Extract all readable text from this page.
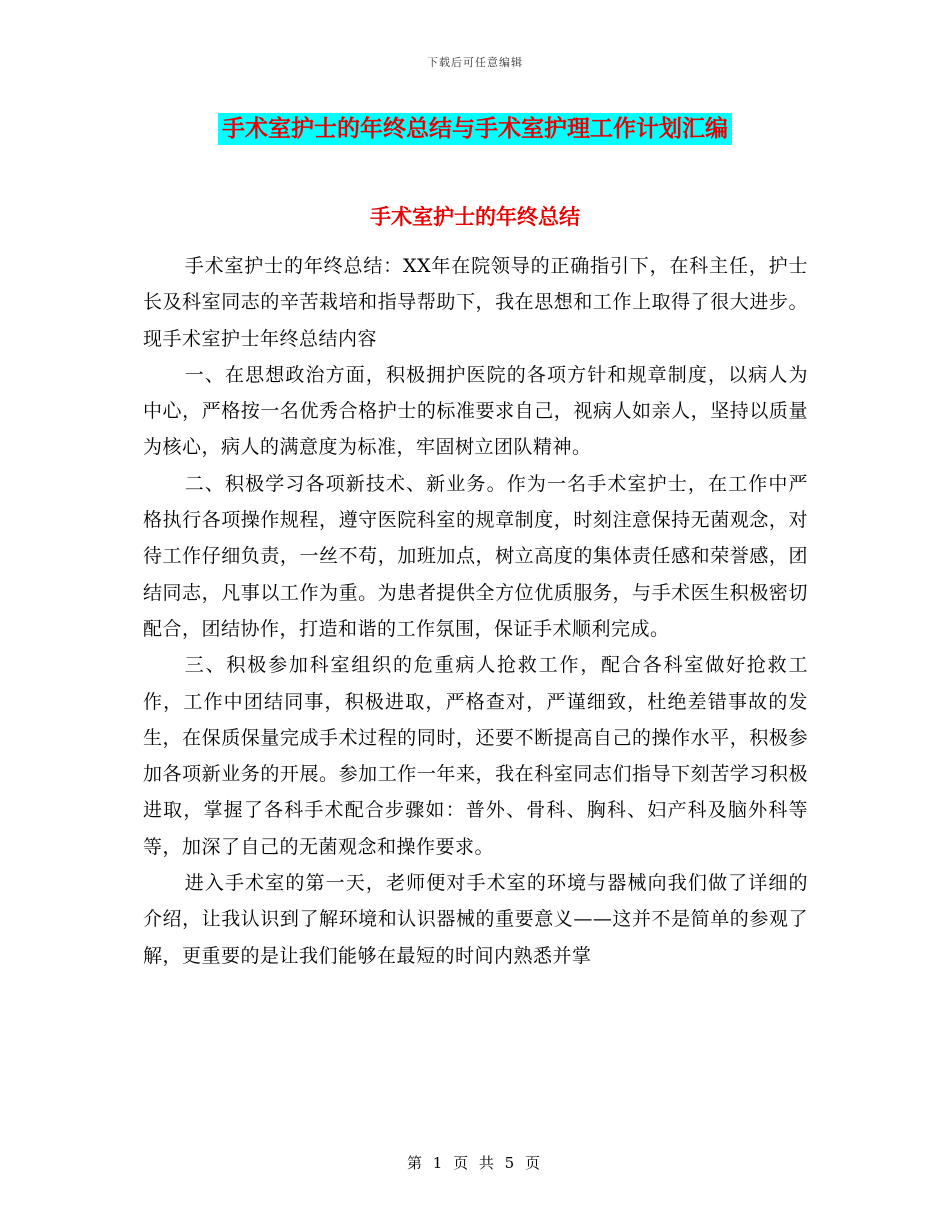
下载后可任意编辑
手术室护士的年终总结与手术室护理工作计划汇编
手术室护士的年终总结

手术室护士的年终总结：XX年在院领导的正确指引下，在科主任，护士长及科室同志的辛苦栽培和指导帮助下，我在思想和工作上取得了很大进步。现手术室护士年终总结内容

一、在思想政治方面，积极拥护医院的各项方针和规章制度，以病人为中心，严格按一名优秀合格护士的标准要求自己，视病人如亲人，坚持以质量为核心，病人的满意度为标准，牢固树立团队精神。

二、积极学习各项新技术、新业务。作为一名手术室护士，在工作中严格执行各项操作规程，遵守医院科室的规章制度，时刻注意保持无菌观念，对待工作仔细负责，一丝不苟，加班加点，树立高度的集体责任感和荣誉感，团结同志，凡事以工作为重。为患者提供全方位优质服务，与手术医生积极密切配合，团结协作，打造和谐的工作氛围，保证手术顺利完成。

三、积极参加科室组织的危重病人抢救工作，配合各科室做好抢救工作，工作中团结同事，积极进取，严格查对，严谨细致，杜绝差错事故的发生，在保质保量完成手术过程的同时，还要不断提高自己的操作水平，积极参加各项新业务的开展。参加工作一年来，我在科室同志们指导下刻苦学习积极进取，掌握了各科手术配合步骤如：普外、骨科、胸科、妇产科及脑外科等等，加深了自己的无菌观念和操作要求。

进入手术室的第一天，老师便对手术室的环境与器械向我们做了详细的介绍，让我认识到了解环境和认识器械的重要意义——这并不是简单的参观了解，更重要的是让我们能够在最短的时间内熟悉并掌

第 1 页 共 5 页
